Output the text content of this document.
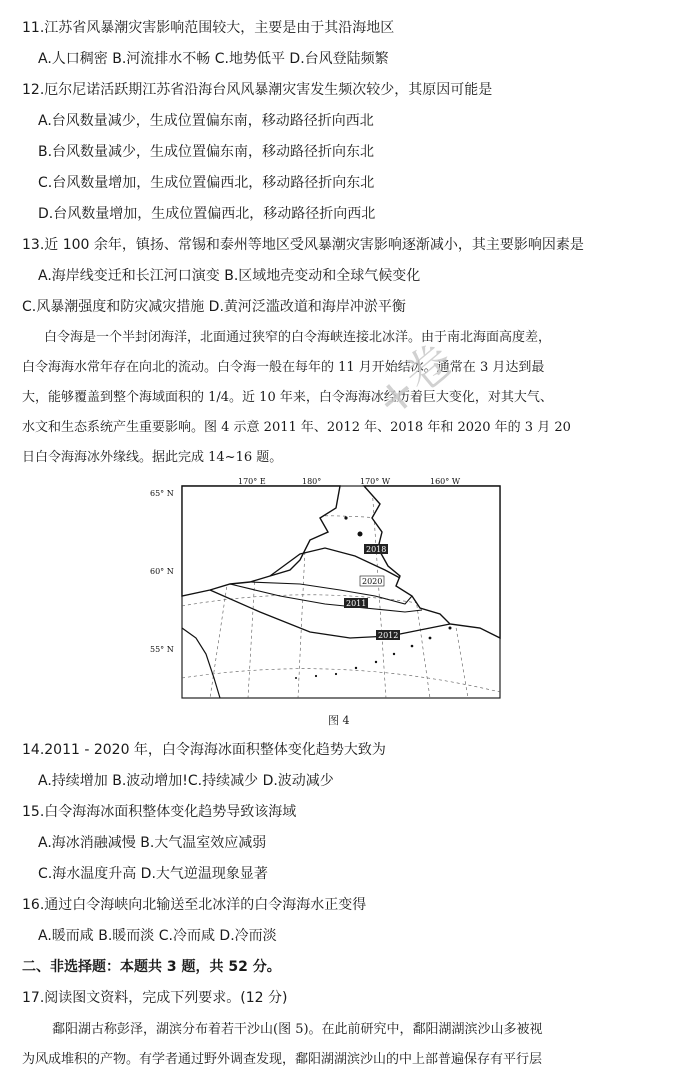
11.江苏省风暴潮灾害影响范围较大，主要是由于其沿海地区
A.人口稠密 B.河流排水不畅 C.地势低平 D.台风登陆频繁
12.厄尔尼诺活跃期江苏省沿海台风风暴潮灾害发生频次较少，其原因可能是
A.台风数量减少，生成位置偏东南，移动路径折向西北
B.台风数量减少，生成位置偏东南，移动路径折向东北
C.台风数量增加，生成位置偏西北，移动路径折向东北
D.台风数量增加，生成位置偏西北，移动路径折向西北
13.近 100 余年，镇扬、常锡和泰州等地区受风暴潮灾害影响逐渐减小，其主要影响因素是
A.海岸线变迁和长江河口演变 B.区域地壳变动和全球气候变化
C.风暴潮强度和防灾减灾措施 D.黄河泛滥改道和海岸冲淤平衡
白令海是一个半封闭海洋，北面通过狭窄的白令海峡连接北冰洋。由于南北海面高度差，
白令海海水常年存在向北的流动。白令海一般在每年的 11 月开始结冰。通常在 3 月达到最
大，能够覆盖到整个海域面积的 1/4。近 10 年来，白令海海冰经历着巨大变化，对其大气、
水文和生态系统产生重要影响。图 4 示意 2011 年、2012 年、2018 年和 2020 年的 3 月 20
日白令海海冰外缘线。据此完成 14~16 题。
+卷
2018
2020
2011
2012
170° E	180°	170° W	160° W
65° N
60° N
55° N
图 4
14.2011 - 2020 年，白令海海冰面积整体变化趋势大致为
A.持续增加 B.波动增加!C.持续减少 D.波动减少
15.白令海海冰面积整体变化趋势导致该海域
A.海冰消融减慢 B.大气温室效应减弱
C.海水温度升高 D.大气逆温现象显著
16.通过白令海峡向北输送至北冰洋的白令海海水正变得
A.暖而咸 B.暖而淡 C.冷而咸 D.冷而淡
二、非选择题：本题共 3 题，共 52 分。
17.阅读图文资料，完成下列要求。(12 分)
鄱阳湖古称彭泽，湖滨分布着若干沙山(图 5)。在此前研究中，鄱阳湖湖滨沙山多被视
为风成堆积的产物。有学者通过野外调查发现，鄱阳湖湖滨沙山的中上部普遍保存有平行层
